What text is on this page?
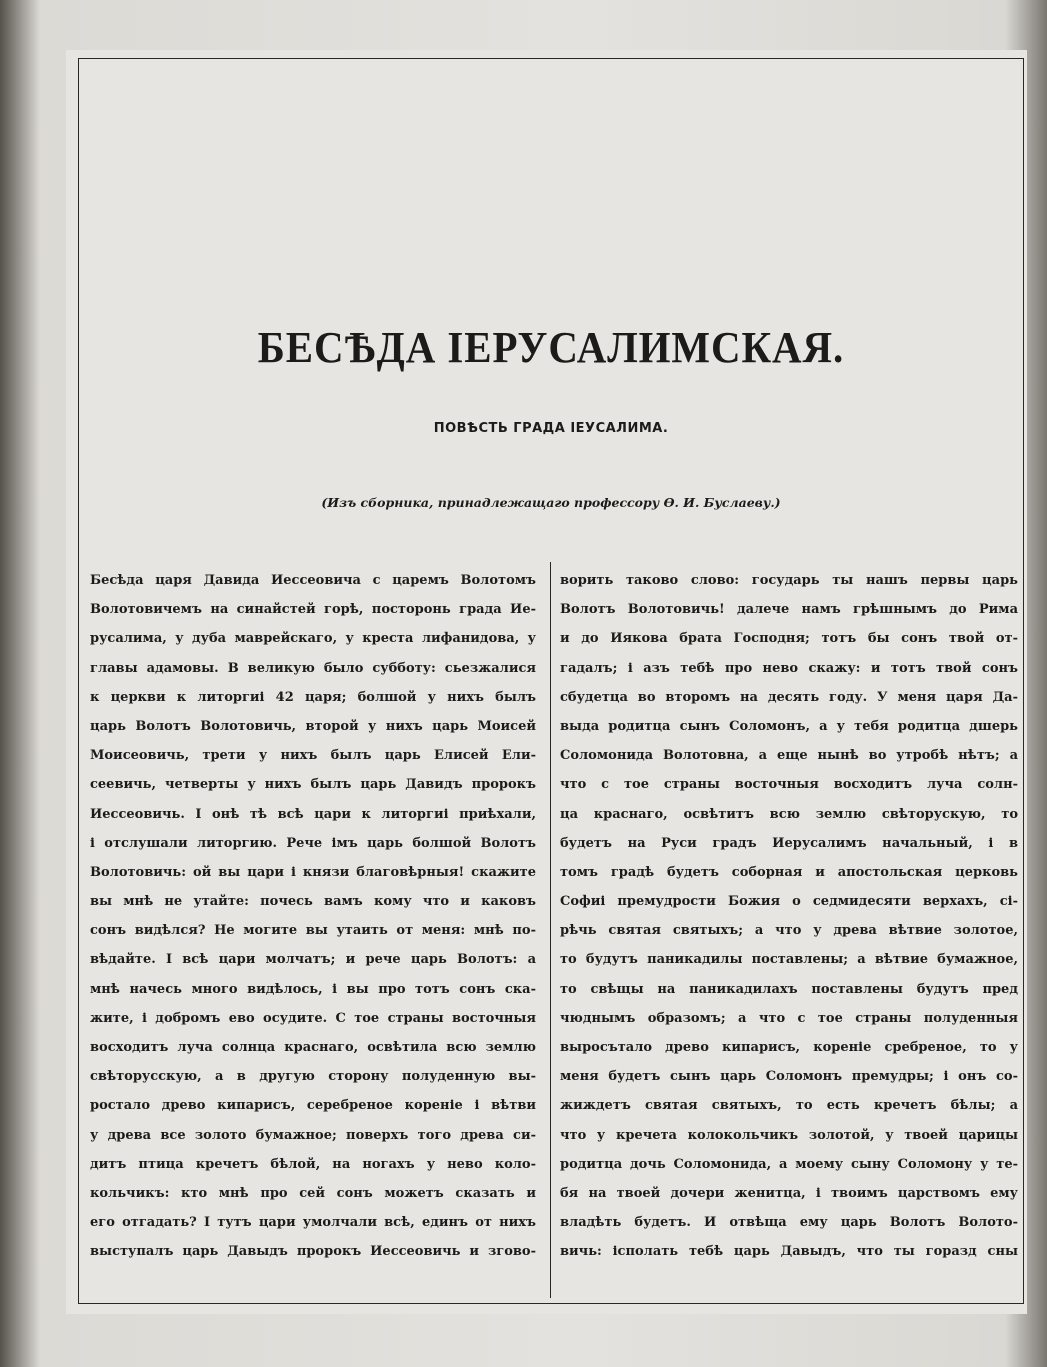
БЕСѢДА ІЕРУСАЛИМСКАЯ.
ПОВѢСТЬ ГРАДА ІЕУСАЛИМА.
(Изъ сборника, принадлежащаго профессору Ѳ. И. Буслаеву.)
Бесѣда царя Давида Иессеовича с царемъ Волотомъ
Волотовичемъ на синайстей горѣ, посторонь града Ие-
русалима, у дуба маврейскаго, у креста лифанидова, у
главы адамовы. В великую было субботу: сьезжалися
к церкви к литоргиі 42 царя; болшой у нихъ былъ
царь Волотъ Волотовичь, второй у нихъ царь Моисей
Моисеовичь, трети у нихъ былъ царь Елисей Ели-
сеевичь, четверты у нихъ былъ царь Давидъ пророкъ
Иессеовичь. І онѣ тѣ всѣ цари к литоргиі приѣхали,
і отслушали литоргию. Рече імъ царь болшой Волотъ
Волотовичь: ой вы цари і князи благовѣрныя! скажите
вы мнѣ не утайте: почесь вамъ кому что и каковъ
сонъ видѣлся? Не могите вы утаить от меня: мнѣ по-
вѣдайте. І всѣ цари молчатъ; и рече царь Волотъ: а
мнѣ начесь много видѣлось, і вы про тотъ сонъ ска-
жите, і добромъ ево осудите. С тое страны восточныя
восходитъ луча солнца краснаго, освѣтила всю землю
свѣторусскую, а в другую сторону полуденную вы-
ростало древо кипарисъ, серебреное кореніе і вѣтви
у древа все золото бумажное; поверхъ того древа си-
дитъ птица кречетъ бѣлой, на ногахъ у нево коло-
кольчикъ: кто мнѣ про сей сонъ можетъ сказать и
его отгадать? І тутъ цари умолчали всѣ, единъ от нихъ
выступалъ царь Давыдъ пророкъ Иессеовичь и згово-
ворить таково слово: государь ты нашъ первы царь
Волотъ Волотовичь! далече намъ грѣшнымъ до Рима
и до Иякова брата Господня; тотъ бы сонъ твой от-
гадалъ; і азъ тебѣ про нево скажу: и тотъ твой сонъ
сбудетца во второмъ на десять году. У меня царя Да-
выда родитца сынъ Соломонъ, а у тебя родитца дшерь
Соломонида Волотовна, а еще нынѣ во утробѣ нѣтъ; а
что с тое страны восточныя восходитъ луча солн-
ца краснаго, освѣтитъ всю землю свѣторускую, то
будетъ на Руси градъ Иерусалимъ начальный, і в
томъ градѣ будетъ соборная и апостольская церковь
Софиі премудрости Божия о седмидесяти верхахъ, сі-
рѣчь святая святыхъ; а что у древа вѣтвие золотое,
то будутъ паникадилы поставлены; а вѣтвие бумажное,
то свѣщы на паникадилахъ поставлены будутъ пред
чюднымъ образомъ; а что с тое страны полуденныя
выросътало древо кипарисъ, кореніе сребреное, то у
меня будетъ сынъ царь Соломонъ премудры; і онъ со-
жиждетъ святая святыхъ, то есть кречетъ бѣлы; а
что у кречета колокольчикъ золотой, у твоей царицы
родитца дочь Соломонида, а моему сыну Соломону у те-
бя на твоей дочери женитца, і твоимъ царствомъ ему
владѣть будетъ. И отвѣща ему царь Волотъ Волото-
вичь: ісполать тебѣ царь Давыдъ, что ты горазд сны
